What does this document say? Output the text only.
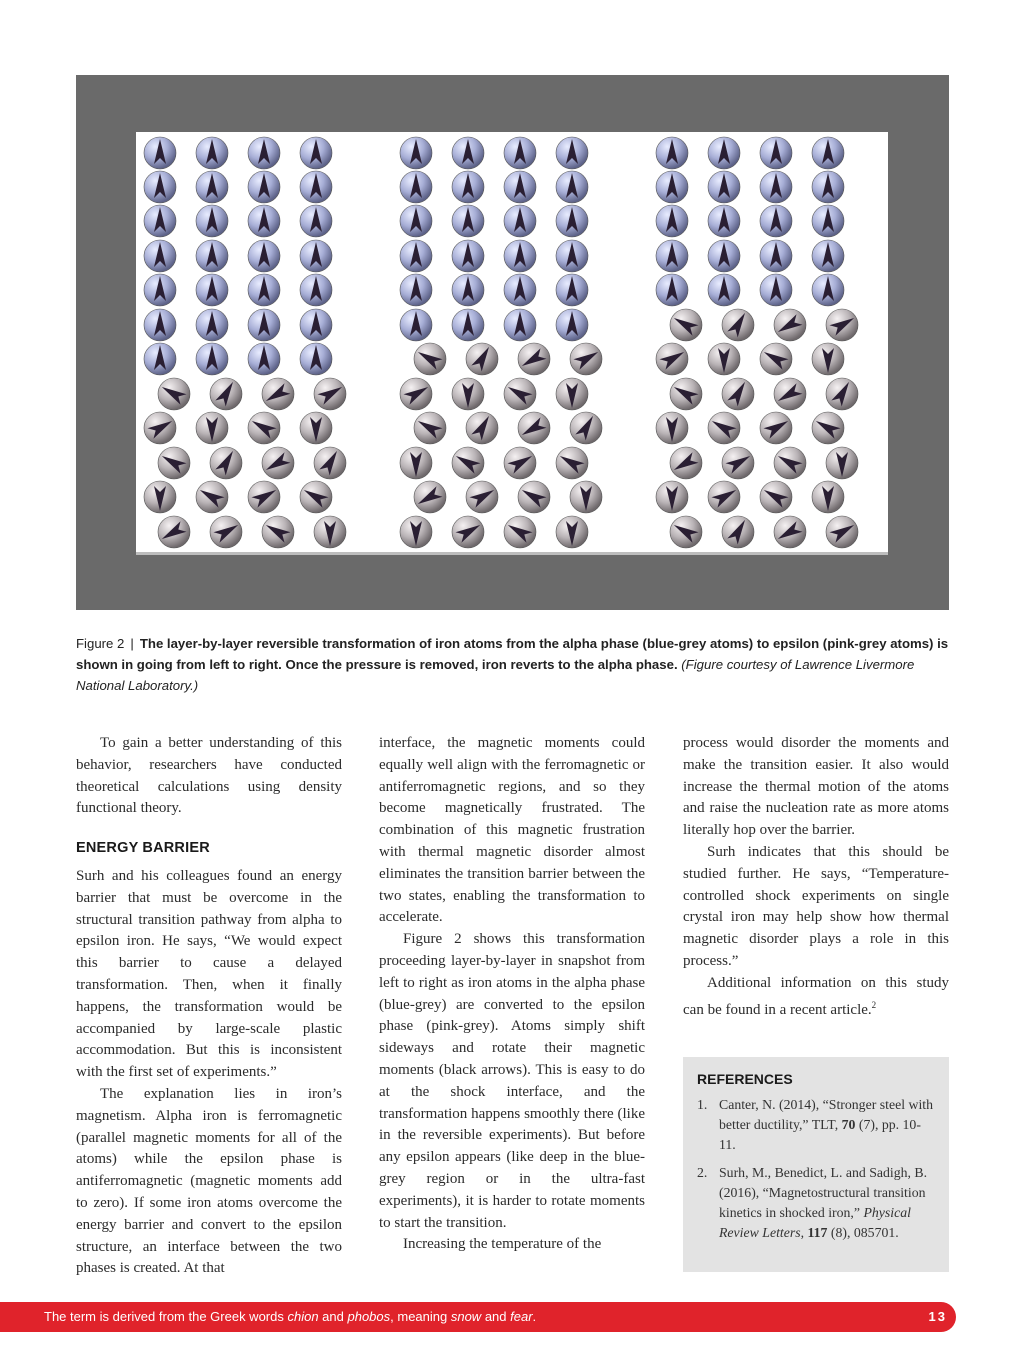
Figure 2 | The layer-by-layer reversible transformation of iron atoms from the alpha phase (blue-grey atoms) to epsilon (pink-grey atoms) is shown in going from left to right. Once the pressure is removed, iron reverts to the alpha phase. (Figure courtesy of Lawrence Livermore National Laboratory.)

To gain a better understanding of this behavior, researchers have conducted theoretical calculations using density functional theory.

ENERGY BARRIER

Surh and his colleagues found an energy barrier that must be overcome in the structural transition pathway from alpha to epsilon iron. He says, “We would expect this barrier to cause a delayed transformation. Then, when it finally happens, the transformation would be accompanied by large-scale plastic accommodation. But this is inconsistent with the first set of experiments.”

The explanation lies in iron’s magnetism. Alpha iron is ferromagnetic (parallel magnetic moments for all of the atoms) while the epsilon phase is antiferromagnetic (magnetic moments add to zero). If some iron atoms overcome the energy barrier and convert to the epsilon structure, an interface between the two phases is created. At that

interface, the magnetic moments could equally well align with the ferromagnetic or antiferromagnetic regions, and so they become magnetically frustrated. The combination of this magnetic frustration with thermal magnetic disorder almost eliminates the transition barrier between the two states, enabling the transformation to accelerate.

Figure 2 shows this transformation proceeding layer-by-layer in snapshot from left to right as iron atoms in the alpha phase (blue-grey) are converted to the epsilon phase (pink-grey). Atoms simply shift sideways and rotate their magnetic moments (black arrows). This is easy to do at the shock interface, and the transformation happens smoothly there (like in the reversible experiments). But before any epsilon appears (like deep in the blue-grey region or in the ultra-fast experiments), it is harder to rotate moments to start the transition.

Increasing the temperature of the

process would disorder the moments and make the transition easier. It also would increase the thermal motion of the atoms and raise the nucleation rate as more atoms literally hop over the barrier.

Surh indicates that this should be studied further. He says, “Temperature-controlled shock experiments on single crystal iron may help show how thermal magnetic disorder plays a role in this process.”

Additional information on this study can be found in a recent article.$^2$

REFERENCES
1. Canter, N. (2014), “Stronger steel with better ductility,” TLT, 70 (7), pp. 10-11.
2. Surh, M., Benedict, L. and Sadigh, B. (2016), “Magnetostructural transition kinetics in shocked iron,” Physical Review Letters, 117 (8), 085701.
The term is derived from the Greek words chion and phobos, meaning snow and fear.	13
